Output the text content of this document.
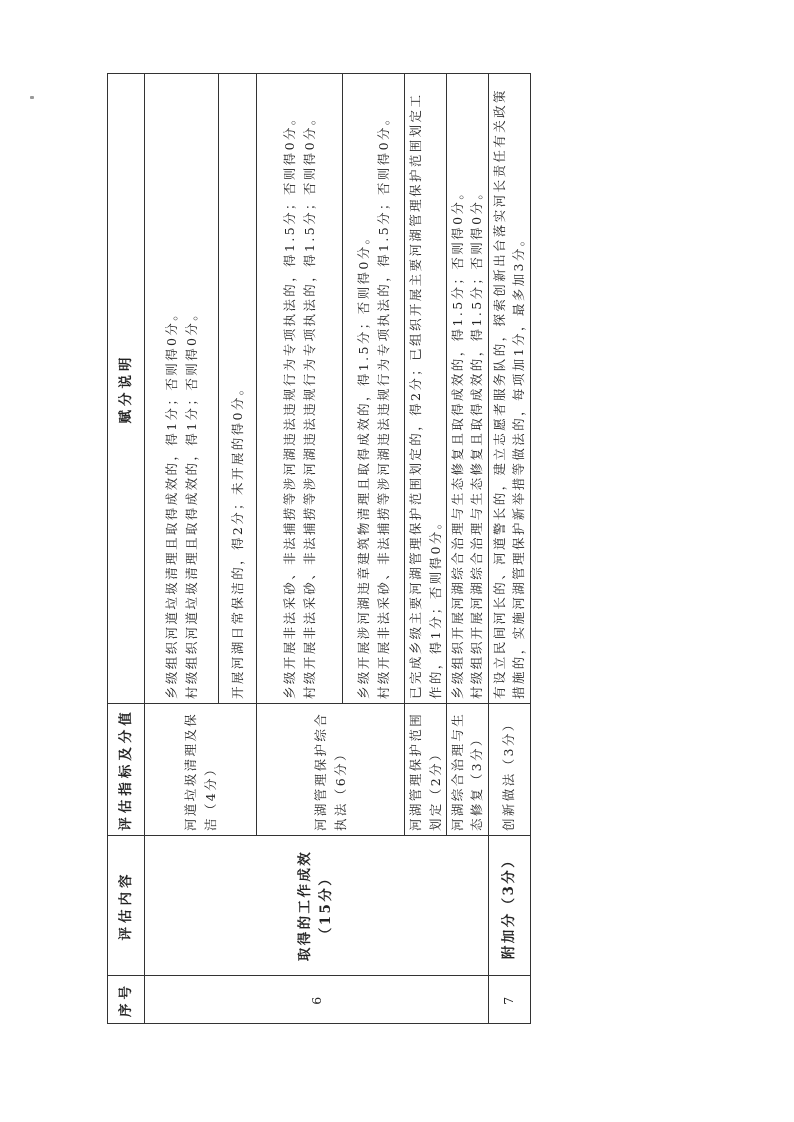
序号	评估内容	评估指标及分值	赋分说明
6	取得的工作成效（15分）	河道垃圾清理及保洁（4分）	乡级组织河道垃圾清理且取得成效的，得1分；否则得0分。 村级组织河道垃圾清理且取得成效的，得1分；否则得0分。

			开展河湖日常保洁的，得2分；未开展的得0分。

		河湖管理保护综合执法（6分）	乡级开展非法采砂、非法捕捞等涉河湖违法违规行为专项执法的，得1.5分；否则得0分。 村级开展非法采砂、非法捕捞等涉河湖违法违规行为专项执法的，得1.5分；否则得0分。

			乡级开展涉河湖违章建筑物清理且取得成效的，得1.5分；否则得0分。 村级开展非法采砂、非法捕捞等涉河湖违法违规行为专项执法的，得1.5分；否则得0分。

		河湖管理保护范围划定（2分）	已完成乡级主要河湖管理保护范围划定的，得2分；已组织开展主要河湖管理保护范围划定工作的，得1分；否则得0分。

		河湖综合治理与生态修复（3分）	乡级组织开展河湖综合治理与生态修复且取得成效的，得1.5分；否则得0分。 村级组织开展河湖综合治理与生态修复且取得成效的，得1.5分；否则得0分。

7	附加分（3分）	创新做法（3分）	有设立民间河长的、河道警长的，建立志愿者服务队的，探索创新出台落实河长责任有关政策措施的，实施河湖管理保护新举措等做法的，每项加1分，最多加3分。
